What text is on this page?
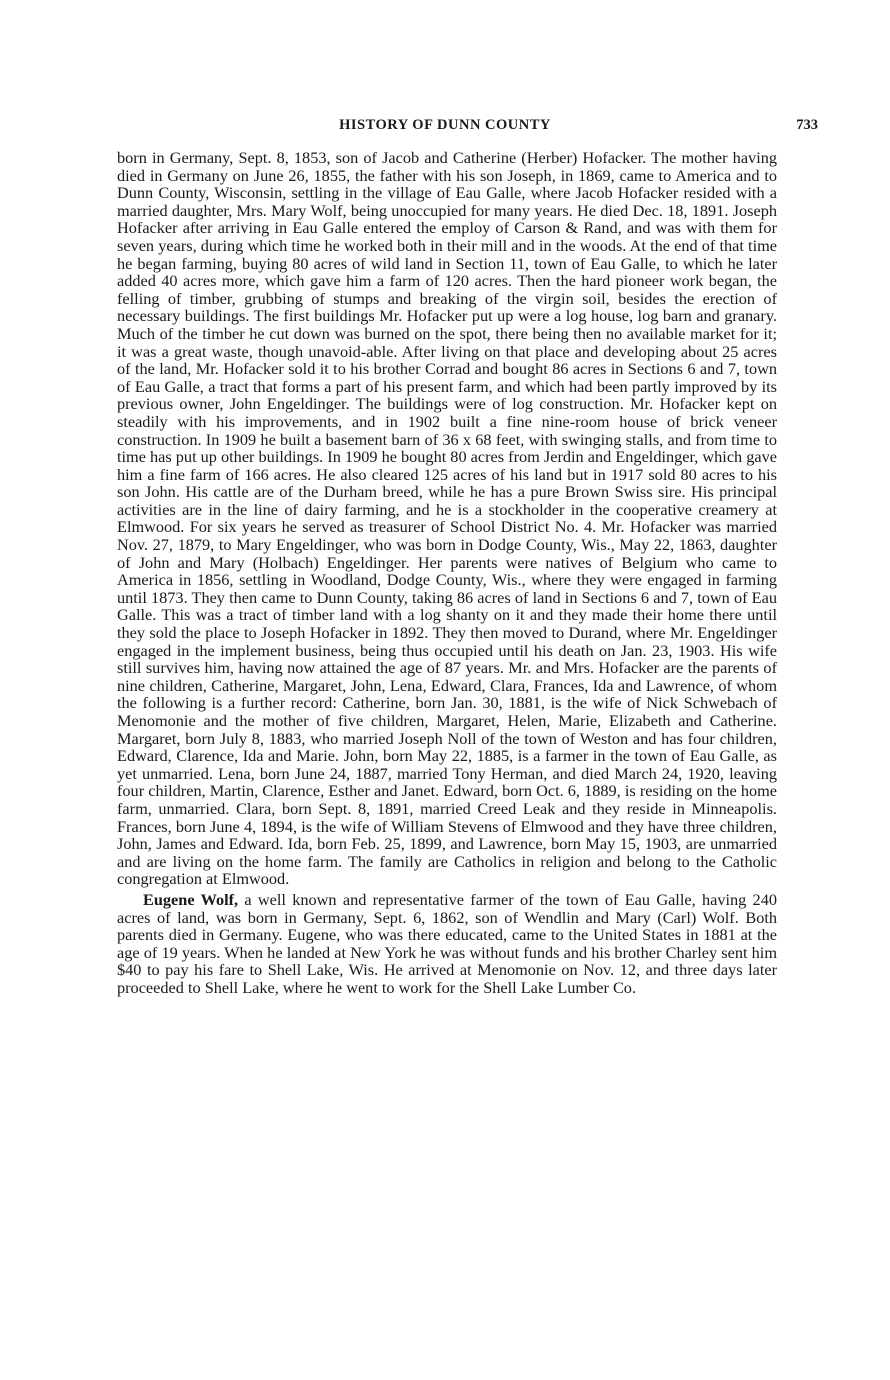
HISTORY OF DUNN COUNTY	733

born in Germany, Sept. 8, 1853, son of Jacob and Catherine (Herber) Hofacker. The mother having died in Germany on June 26, 1855, the father with his son Joseph, in 1869, came to America and to Dunn County, Wisconsin, settling in the village of Eau Galle, where Jacob Hofacker resided with a married daughter, Mrs. Mary Wolf, being unoccupied for many years. He died Dec. 18, 1891. Joseph Hofacker after arriving in Eau Galle entered the employ of Carson & Rand, and was with them for seven years, during which time he worked both in their mill and in the woods. At the end of that time he began farming, buying 80 acres of wild land in Section 11, town of Eau Galle, to which he later added 40 acres more, which gave him a farm of 120 acres. Then the hard pioneer work began, the felling of timber, grubbing of stumps and breaking of the virgin soil, besides the erection of necessary buildings. The first buildings Mr. Hofacker put up were a log house, log barn and granary. Much of the timber he cut down was burned on the spot, there being then no available market for it; it was a great waste, though unavoid-able. After living on that place and developing about 25 acres of the land, Mr. Hofacker sold it to his brother Corrad and bought 86 acres in Sections 6 and 7, town of Eau Galle, a tract that forms a part of his present farm, and which had been partly improved by its previous owner, John Engeldinger. The buildings were of log construction. Mr. Hofacker kept on steadily with his improvements, and in 1902 built a fine nine-room house of brick veneer construction. In 1909 he built a basement barn of 36 x 68 feet, with swinging stalls, and from time to time has put up other buildings. In 1909 he bought 80 acres from Jerdin and Engeldinger, which gave him a fine farm of 166 acres. He also cleared 125 acres of his land but in 1917 sold 80 acres to his son John. His cattle are of the Durham breed, while he has a pure Brown Swiss sire. His principal activities are in the line of dairy farming, and he is a stockholder in the cooperative creamery at Elmwood. For six years he served as treasurer of School District No. 4. Mr. Hofacker was married Nov. 27, 1879, to Mary Engeldinger, who was born in Dodge County, Wis., May 22, 1863, daughter of John and Mary (Holbach) Engeldinger. Her parents were natives of Belgium who came to America in 1856, settling in Woodland, Dodge County, Wis., where they were engaged in farming until 1873. They then came to Dunn County, taking 86 acres of land in Sections 6 and 7, town of Eau Galle. This was a tract of timber land with a log shanty on it and they made their home there until they sold the place to Joseph Hofacker in 1892. They then moved to Durand, where Mr. Engeldinger engaged in the implement business, being thus occupied until his death on Jan. 23, 1903. His wife still survives him, having now attained the age of 87 years. Mr. and Mrs. Hofacker are the parents of nine children, Catherine, Margaret, John, Lena, Edward, Clara, Frances, Ida and Lawrence, of whom the following is a further record: Catherine, born Jan. 30, 1881, is the wife of Nick Schwebach of Menomonie and the mother of five children, Margaret, Helen, Marie, Elizabeth and Catherine. Margaret, born July 8, 1883, who married Joseph Noll of the town of Weston and has four children, Edward, Clarence, Ida and Marie. John, born May 22, 1885, is a farmer in the town of Eau Galle, as yet unmarried. Lena, born June 24, 1887, married Tony Herman, and died March 24, 1920, leaving four children, Martin, Clarence, Esther and Janet. Edward, born Oct. 6, 1889, is residing on the home farm, unmarried. Clara, born Sept. 8, 1891, married Creed Leak and they reside in Minneapolis. Frances, born June 4, 1894, is the wife of William Stevens of Elmwood and they have three children, John, James and Edward. Ida, born Feb. 25, 1899, and Lawrence, born May 15, 1903, are unmarried and are living on the home farm. The family are Catholics in religion and belong to the Catholic congregation at Elmwood.

Eugene Wolf, a well known and representative farmer of the town of Eau Galle, having 240 acres of land, was born in Germany, Sept. 6, 1862, son of Wendlin and Mary (Carl) Wolf. Both parents died in Germany. Eugene, who was there educated, came to the United States in 1881 at the age of 19 years. When he landed at New York he was without funds and his brother Charley sent him $40 to pay his fare to Shell Lake, Wis. He arrived at Menomonie on Nov. 12, and three days later proceeded to Shell Lake, where he went to work for the Shell Lake Lumber Co.
